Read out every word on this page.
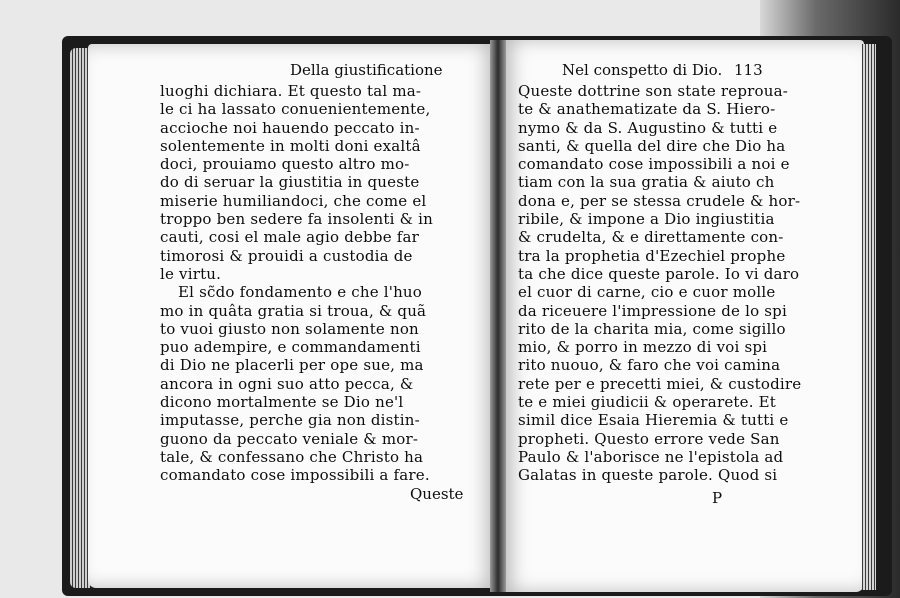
Della giustificatione
luoghi dichiara. Et questo tal ma-
le ci ha lassato conuenientemente,
accioche noi hauendo peccato in-
solentemente in molti doni exaltâ
doci, prouiamo questo altro mo-
do di seruar la giustitia in queste
miserie humiliandoci, che come el
troppo ben sedere fa insolenti & in
cauti, cosi el male agio debbe far
timorosi & prouidi a custodia de
le virtu.
El sc̃do fondamento e che l'huo
mo in quâta gratia si troua, & quã
to vuoi giusto non solamente non
puo adempire, e commandamenti
di Dio ne placerli per ope sue, ma
ancora in ogni suo atto pecca, &
dicono mortalmente se Dio ne'l
imputasse, perche gia non distin-
guono da peccato veniale & mor-
tale, & confessano che Christo ha
comandato cose impossibili a fare.
Queste
Nel conspetto di Dio. 113
Queste dottrine son state reproua-
te & anathematizate da S. Hiero-
nymo & da S. Augustino & tutti e
santi, & quella del dire che Dio ha
comandato cose impossibili a noi e
tiam con la sua gratia & aiuto ch
dona e, per se stessa crudele & hor-
ribile, & impone a Dio ingiustitia
& crudelta, & e direttamente con-
tra la prophetia d'Ezechiel prophe
ta che dice queste parole. Io vi daro
el cuor di carne, cio e cuor molle
da riceuere l'impressione de lo spi
rito de la charita mia, come sigillo
mio, & porro in mezzo di voi spi
rito nuouo, & faro che voi camina
rete per e precetti miei, & custodire
te e miei giudicii & operarete. Et
simil dice Esaia Hieremia & tutti e
propheti. Questo errore vede San
Paulo & l'aborisce ne l'epistola ad
Galatas in queste parole. Quod si
P
